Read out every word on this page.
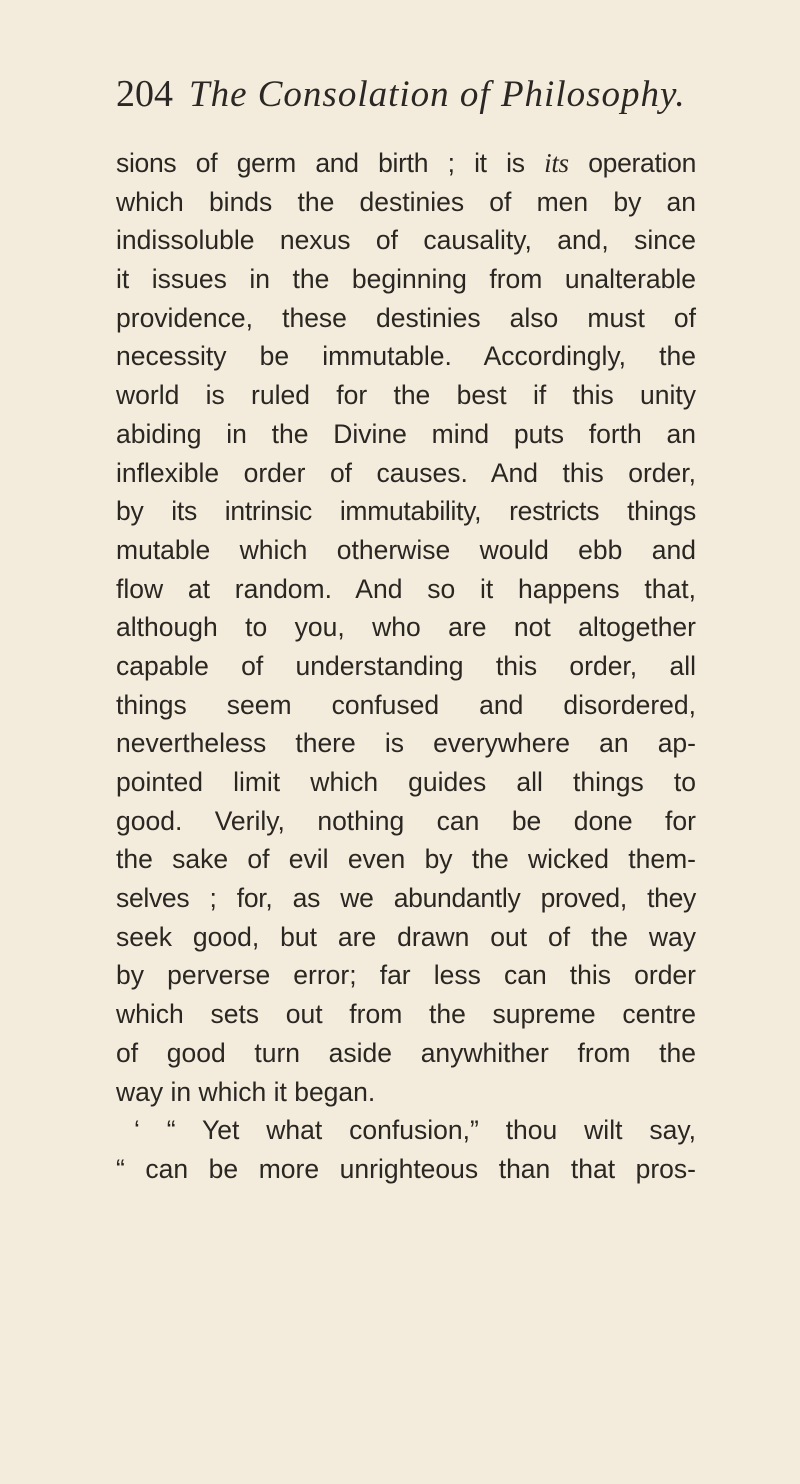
204 The Consolation of Philosophy.
sions of germ and birth ; it is its operation
which binds the destinies of men by an
indissoluble nexus of causality, and, since
it issues in the beginning from unalterable
providence, these destinies also must of
necessity be immutable. Accordingly, the
world is ruled for the best if this unity
abiding in the Divine mind puts forth an
inflexible order of causes. And this order,
by its intrinsic immutability, restricts things
mutable which otherwise would ebb and
flow at random. And so it happens that,
although to you, who are not altogether
capable of understanding this order, all
things seem confused and disordered,
nevertheless there is everywhere an ap-
pointed limit which guides all things to
good. Verily, nothing can be done for
the sake of evil even by the wicked them-
selves ; for, as we abundantly proved, they
seek good, but are drawn out of the way
by perverse error; far less can this order
which sets out from the supreme centre
of good turn aside anywhither from the
way in which it began.
‘ “ Yet what confusion,” thou wilt say,
“ can be more unrighteous than that pros-
